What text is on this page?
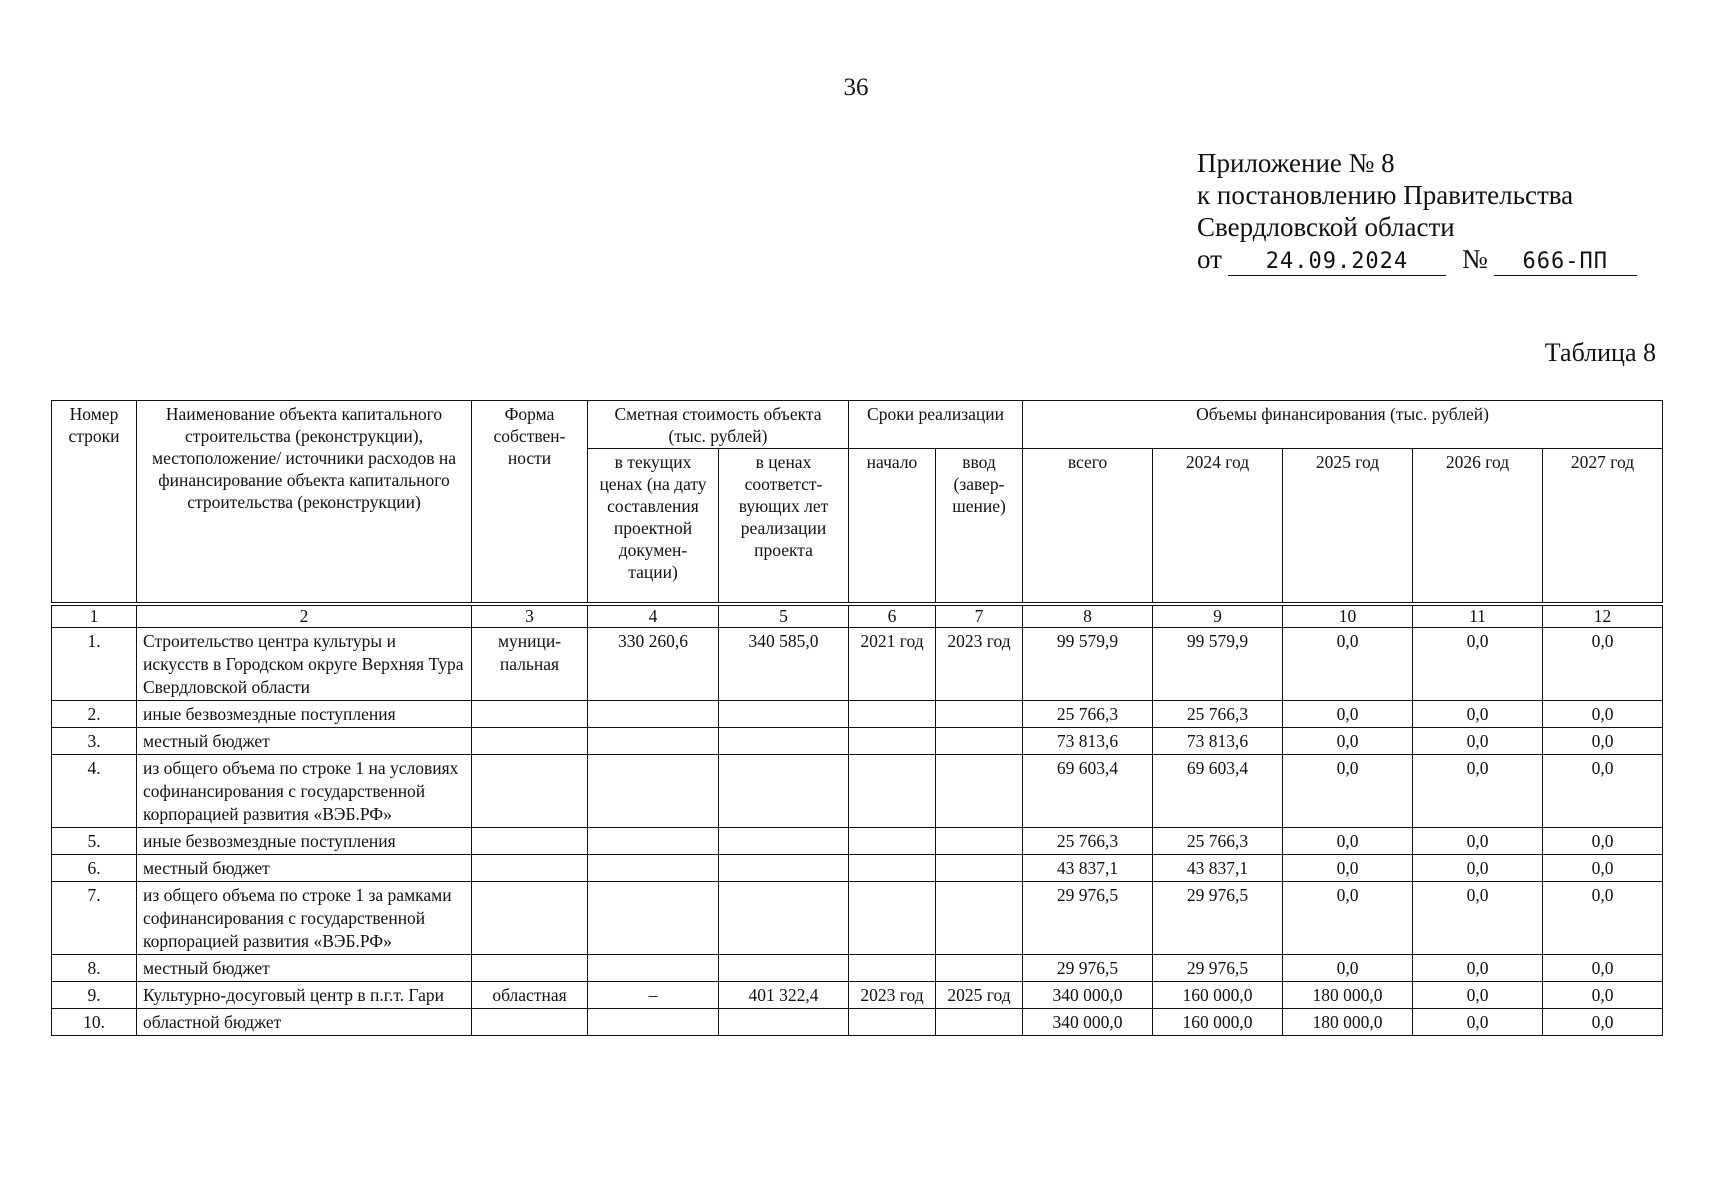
36
Приложение № 8
к постановлению Правительства
Свердловской области
от 24.09.2024 № 666-ПП
Таблица 8
Номер строки	Наименование объекта капитального строительства (реконструкции), местоположение/ источники расходов на финансирование объекта капитального строительства (реконструкции)	Форма собствен- ности	Сметная стоимость объекта (тыс. рублей)		Сроки реализации		Объемы финансирования (тыс. рублей)				
			в текущих ценах (на дату составления проектной докумен- тации)	в ценах соответст- вующих лет реализации проекта	начало	ввод (завер- шение)	всего	2024 год	2025 год	2026 год	2027 год
1	2	3	4	5	6	7	8	9	10	11	12
1.	Строительство центра культуры и искусств в Городском округе Верхняя Тура Свердловской области	муници- пальная	330 260,6	340 585,0	2021 год	2023 год	99 579,9	99 579,9	0,0	0,0	0,0
2.	иные безвозмездные поступления						25 766,3	25 766,3	0,0	0,0	0,0
3.	местный бюджет						73 813,6	73 813,6	0,0	0,0	0,0
4.	из общего объема по строке 1 на условиях софинансирования с государственной корпорацией развития «ВЭБ.РФ»						69 603,4	69 603,4	0,0	0,0	0,0
5.	иные безвозмездные поступления						25 766,3	25 766,3	0,0	0,0	0,0
6.	местный бюджет						43 837,1	43 837,1	0,0	0,0	0,0
7.	из общего объема по строке 1 за рамками софинансирования с государственной корпорацией развития «ВЭБ.РФ»						29 976,5	29 976,5	0,0	0,0	0,0
8.	местный бюджет						29 976,5	29 976,5	0,0	0,0	0,0
9.	Культурно-досуговый центр в п.г.т. Гари	областная	–	401 322,4	2023 год	2025 год	340 000,0	160 000,0	180 000,0	0,0	0,0
10.	областной бюджет						340 000,0	160 000,0	180 000,0	0,0	0,0
